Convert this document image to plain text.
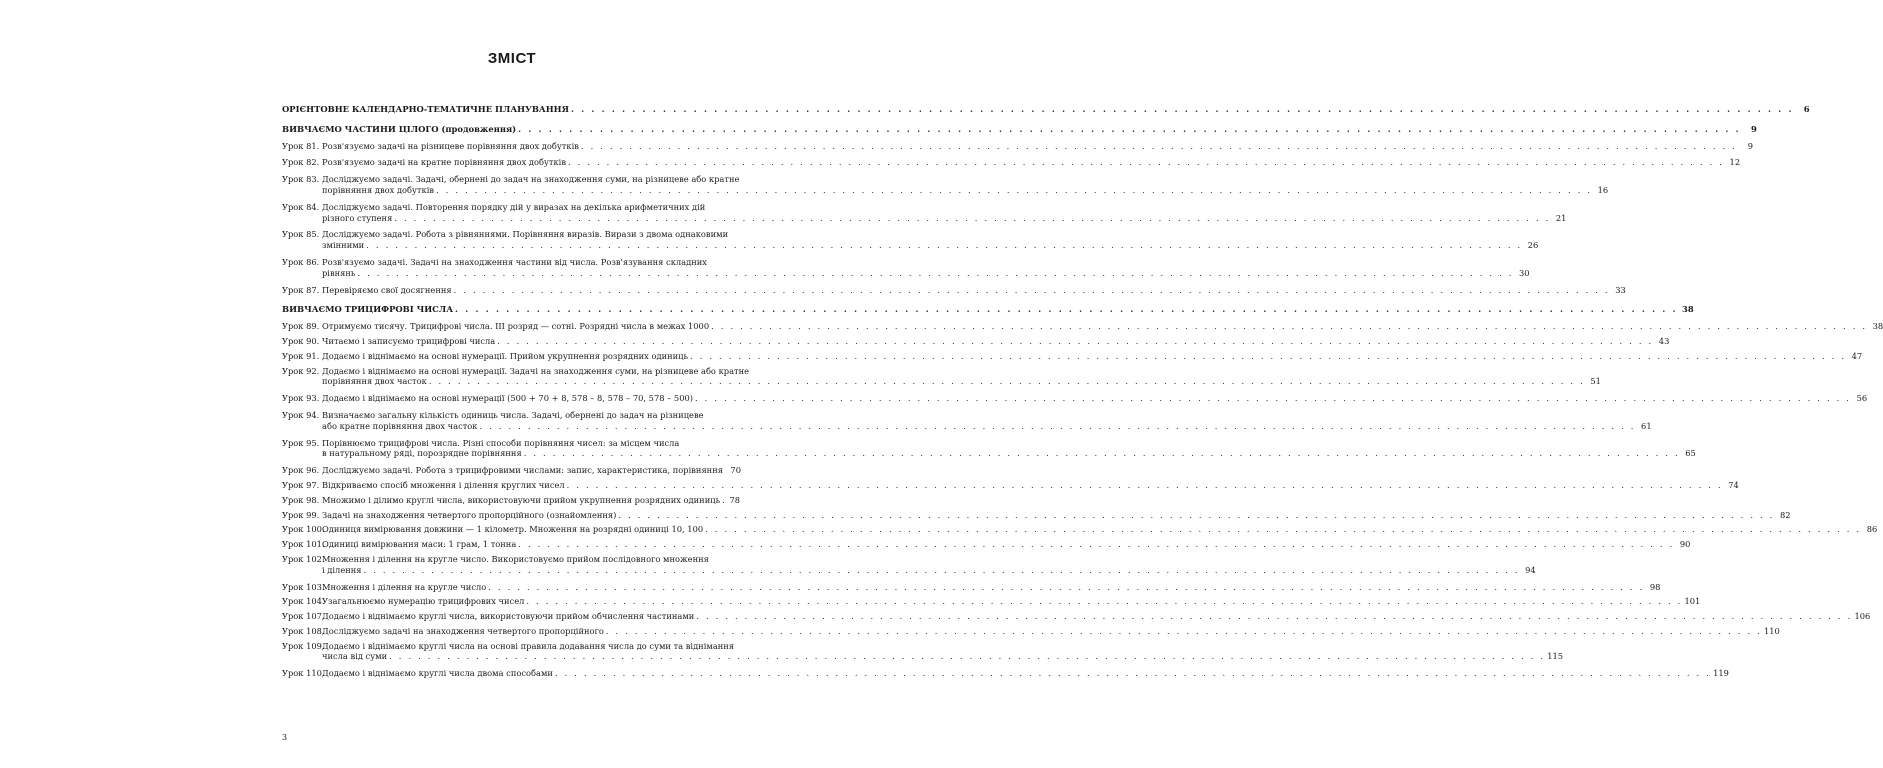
ЗМІСТ
ОРІЄНТОВНЕ КАЛЕНДАРНО-ТЕМАТИЧНЕ ПЛАНУВАННЯ . . . . . . . . . . . . . . . . . . . . . . . . . . . . . . . . . . . . . . . . . . . . . . . . . . . . . . . . . . . . . . . . . . . . . . . . . . . . . . . . . . . . . . . . . . . . . . . . . . . . . . . . . . . . . . . . . . . . . . . .	6
ВИВЧАЄМО ЧАСТИНИ ЦІЛОГО (продовження) . . . . . . . . . . . . . . . . . . . . . . . . . . . . . . . . . . . . . . . . . . . . . . . . . . . . . . . . . . . . . . . . . . . . . . . . . . . . . . . . . . . . . . . . . . . . . . . . . . . . . . . . . . . . . . . . . . . . . . . .	9
Урок 81. Розв'язуємо задачі на різницеве порівняння двох добутків . . . . . . . . . . . . . . . . . . . . . . . . . . . . . . . . . . . . . . . . . . . . . . . . . . . . . . . . . . . . . . . . . . . . . . . . . . . . . . . . . . . . . . . . . . . . . . . . . . . . . . . . . . . . . . . . . . . . . . . .	9
Урок 82. Розв'язуємо задачі на кратне порівняння двох добутків . . . . . . . . . . . . . . . . . . . . . . . . . . . . . . . . . . . . . . . . . . . . . . . . . . . . . . . . . . . . . . . . . . . . . . . . . . . . . . . . . . . . . . . . . . . . . . . . . . . . . . . . . . . . . . . . . . . . . . . . 12
Урок 83. Досліджуємо задачі. Задачі, обернені до задач на знаходження суми, на різницеве або кратне
порівняння двох добутків . . . . . . . . . . . . . . . . . . . . . . . . . . . . . . . . . . . . . . . . . . . . . . . . . . . . . . . . . . . . . . . . . . . . . . . . . . . . . . . . . . . . . . . . . . . . . . . . . . . . . . . . . . . . . . . . . . . . . . . . 16
Урок 84. Досліджуємо задачі. Повторення порядку дій у виразах на декілька арифметичних дій
різного ступеня . . . . . . . . . . . . . . . . . . . . . . . . . . . . . . . . . . . . . . . . . . . . . . . . . . . . . . . . . . . . . . . . . . . . . . . . . . . . . . . . . . . . . . . . . . . . . . . . . . . . . . . . . . . . . . . . . . . . . . . . 21
Урок 85. Досліджуємо задачі. Робота з рівняннями. Порівняння виразів. Вирази з двома однаковими
змінними . . . . . . . . . . . . . . . . . . . . . . . . . . . . . . . . . . . . . . . . . . . . . . . . . . . . . . . . . . . . . . . . . . . . . . . . . . . . . . . . . . . . . . . . . . . . . . . . . . . . . . . . . . . . . . . . . . . . . . . . 26
Урок 86. Розв'язуємо задачі. Задачі на знаходження частини від числа. Розв'язування складних
рівнянь . . . . . . . . . . . . . . . . . . . . . . . . . . . . . . . . . . . . . . . . . . . . . . . . . . . . . . . . . . . . . . . . . . . . . . . . . . . . . . . . . . . . . . . . . . . . . . . . . . . . . . . . . . . . . . . . . . . . . . . . 30
Урок 87. Перевіряємо свої досягнення . . . . . . . . . . . . . . . . . . . . . . . . . . . . . . . . . . . . . . . . . . . . . . . . . . . . . . . . . . . . . . . . . . . . . . . . . . . . . . . . . . . . . . . . . . . . . . . . . . . . . . . . . . . . . . . . . . . . . . . . 33
ВИВЧАЄМО ТРИЦИФРОВІ ЧИСЛА . . . . . . . . . . . . . . . . . . . . . . . . . . . . . . . . . . . . . . . . . . . . . . . . . . . . . . . . . . . . . . . . . . . . . . . . . . . . . . . . . . . . . . . . . . . . . . . . . . . . . . . . . . . . . . . . . . . . . . . . 38
Урок 89. Отримуємо тисячу. Трицифрові числа. III розряд — сотні. Розрядні числа в межах 1000 . . . . . . . . . . . . . . . . . . . . . . . . . . . . . . . . . . . . . . . . . . . . . . . . . . . . . . . . . . . . . . . . . . . . . . . . . . . . . . . . . . . . . . . . . . . . . . . . . . . . . . . . . . . . . . . . . . . . . . . . 38
Урок 90. Читаємо і записуємо трицифрові числа . . . . . . . . . . . . . . . . . . . . . . . . . . . . . . . . . . . . . . . . . . . . . . . . . . . . . . . . . . . . . . . . . . . . . . . . . . . . . . . . . . . . . . . . . . . . . . . . . . . . . . . . . . . . . . . . . . . . . . . . 43
Урок 91. Додаємо і віднімаємо на основі нумерації. Прийом укрупнення розрядних одиниць . . . . . . . . . . . . . . . . . . . . . . . . . . . . . . . . . . . . . . . . . . . . . . . . . . . . . . . . . . . . . . . . . . . . . . . . . . . . . . . . . . . . . . . . . . . . . . . . . . . . . . . . . . . . . . . . . . . . . . . . 47
Урок 92. Додаємо і віднімаємо на основі нумерації. Задачі на знаходження суми, на різницеве або кратне
порівняння двох часток . . . . . . . . . . . . . . . . . . . . . . . . . . . . . . . . . . . . . . . . . . . . . . . . . . . . . . . . . . . . . . . . . . . . . . . . . . . . . . . . . . . . . . . . . . . . . . . . . . . . . . . . . . . . . . . . . . . . . . . . 51
Урок 93. Додаємо і віднімаємо на основі нумерації (500 + 70 + 8, 578 – 8, 578 – 70, 578 – 500) . . . . . . . . . . . . . . . . . . . . . . . . . . . . . . . . . . . . . . . . . . . . . . . . . . . . . . . . . . . . . . . . . . . . . . . . . . . . . . . . . . . . . . . . . . . . . . . . . . . . . . . . . . . . . . . . . . . . . . . . 56
Урок 94. Визначаємо загальну кількість одиниць числа. Задачі, обернені до задач на різницеве
або кратне порівняння двох часток . . . . . . . . . . . . . . . . . . . . . . . . . . . . . . . . . . . . . . . . . . . . . . . . . . . . . . . . . . . . . . . . . . . . . . . . . . . . . . . . . . . . . . . . . . . . . . . . . . . . . . . . . . . . . . . . . . . . . . . . 61
Урок 95. Порівнюємо трицифрові числа. Різні способи порівняння чисел: за місцем числа
в натуральному ряді, порозрядне порівняння . . . . . . . . . . . . . . . . . . . . . . . . . . . . . . . . . . . . . . . . . . . . . . . . . . . . . . . . . . . . . . . . . . . . . . . . . . . . . . . . . . . . . . . . . . . . . . . . . . . . . . . . . . . . . . . . . . . . . . . . 65
Урок 96. Досліджуємо задачі. Робота з трицифровими числами: запис, характеристика, порівняння 70
Урок 97. Відкриваємо спосіб множення і ділення круглих чисел . . . . . . . . . . . . . . . . . . . . . . . . . . . . . . . . . . . . . . . . . . . . . . . . . . . . . . . . . . . . . . . . . . . . . . . . . . . . . . . . . . . . . . . . . . . . . . . . . . . . . . . . . . . . . . . . . . . . . . . . 74
Урок 98. Множимо і ділимо круглі числа, використовуючи прийом укрупнення розрядних одиниць	78
Урок 99. Задачі на знаходження четвертого пропорційного (ознайомлення) . . . . . . . . . . . . . . . . . . . . . . . . . . . . . . . . . . . . . . . . . . . . . . . . . . . . . . . . . . . . . . . . . . . . . . . . . . . . . . . . . . . . . . . . . . . . . . . . . . . . . . . . . . . . . . . . . . . . . . . . 82
Урок 100.
Одиниця вимірювання довжини — 1 кілометр. Множення на розрядні одиниці 10, 100 . . . . . . . . . . . . . . . . . . . . . . . . . . . . . . . . . . . . . . . . . . . . . . . . . . . . . . . . . . . . . . . . . . . . . . . . . . . . . . . . . . . . . . . . . . . . . . . . . . . . . . . . . . . . . . . . . . . . . . . . 86
Урок 101.
Одиниці вимірювання маси: 1 грам, 1 тонна . . . . . . . . . . . . . . . . . . . . . . . . . . . . . . . . . . . . . . . . . . . . . . . . . . . . . . . . . . . . . . . . . . . . . . . . . . . . . . . . . . . . . . . . . . . . . . . . . . . . . . . . . . . . . . . . . . . . . . . . 90
Урок 102.
Множення і ділення на кругле число. Використовуємо прийом послідовного множення
і ділення . . . . . . . . . . . . . . . . . . . . . . . . . . . . . . . . . . . . . . . . . . . . . . . . . . . . . . . . . . . . . . . . . . . . . . . . . . . . . . . . . . . . . . . . . . . . . . . . . . . . . . . . . . . . . . . . . . . . . . . . 94
Урок 103.
Множення і ділення на кругле число . . . . . . . . . . . . . . . . . . . . . . . . . . . . . . . . . . . . . . . . . . . . . . . . . . . . . . . . . . . . . . . . . . . . . . . . . . . . . . . . . . . . . . . . . . . . . . . . . . . . . . . . . . . . . . . . . . . . . . . . 98
Урок 104.
Узагальнюємо нумерацію трицифрових чисел . . . . . . . . . . . . . . . . . . . . . . . . . . . . . . . . . . . . . . . . . . . . . . . . . . . . . . . . . . . . . . . . . . . . . . . . . . . . . . . . . . . . . . . . . . . . . . . . . . . . . . . . . . . . . . . . . . . . . . . . 101
Урок 107.
Додаємо і віднімаємо круглі числа, використовуючи прийом обчислення частинами . . . . . . . . . . . . . . . . . . . . . . . . . . . . . . . . . . . . . . . . . . . . . . . . . . . . . . . . . . . . . . . . . . . . . . . . . . . . . . . . . . . . . . . . . . . . . . . . . . . . . . . . . . . . . . . . . . . . . . . . 106
Урок 108.
Досліджуємо задачі на знаходження четвертого пропорційного . . . . . . . . . . . . . . . . . . . . . . . . . . . . . . . . . . . . . . . . . . . . . . . . . . . . . . . . . . . . . . . . . . . . . . . . . . . . . . . . . . . . . . . . . . . . . . . . . . . . . . . . . . . . . . . . . . . . . . . . 110
Урок 109.
Додаємо і віднімаємо круглі числа на основі правила додавання числа до суми та віднімання
числа від суми . . . . . . . . . . . . . . . . . . . . . . . . . . . . . . . . . . . . . . . . . . . . . . . . . . . . . . . . . . . . . . . . . . . . . . . . . . . . . . . . . . . . . . . . . . . . . . . . . . . . . . . . . . . . . . . . . . . . . . . . 115
Урок 110.
Додаємо і віднімаємо круглі числа двома способами . . . . . . . . . . . . . . . . . . . . . . . . . . . . . . . . . . . . . . . . . . . . . . . . . . . . . . . . . . . . . . . . . . . . . . . . . . . . . . . . . . . . . . . . . . . . . . . . . . . . . . . . . . . . . . . . . . . . . . . . 119
3
